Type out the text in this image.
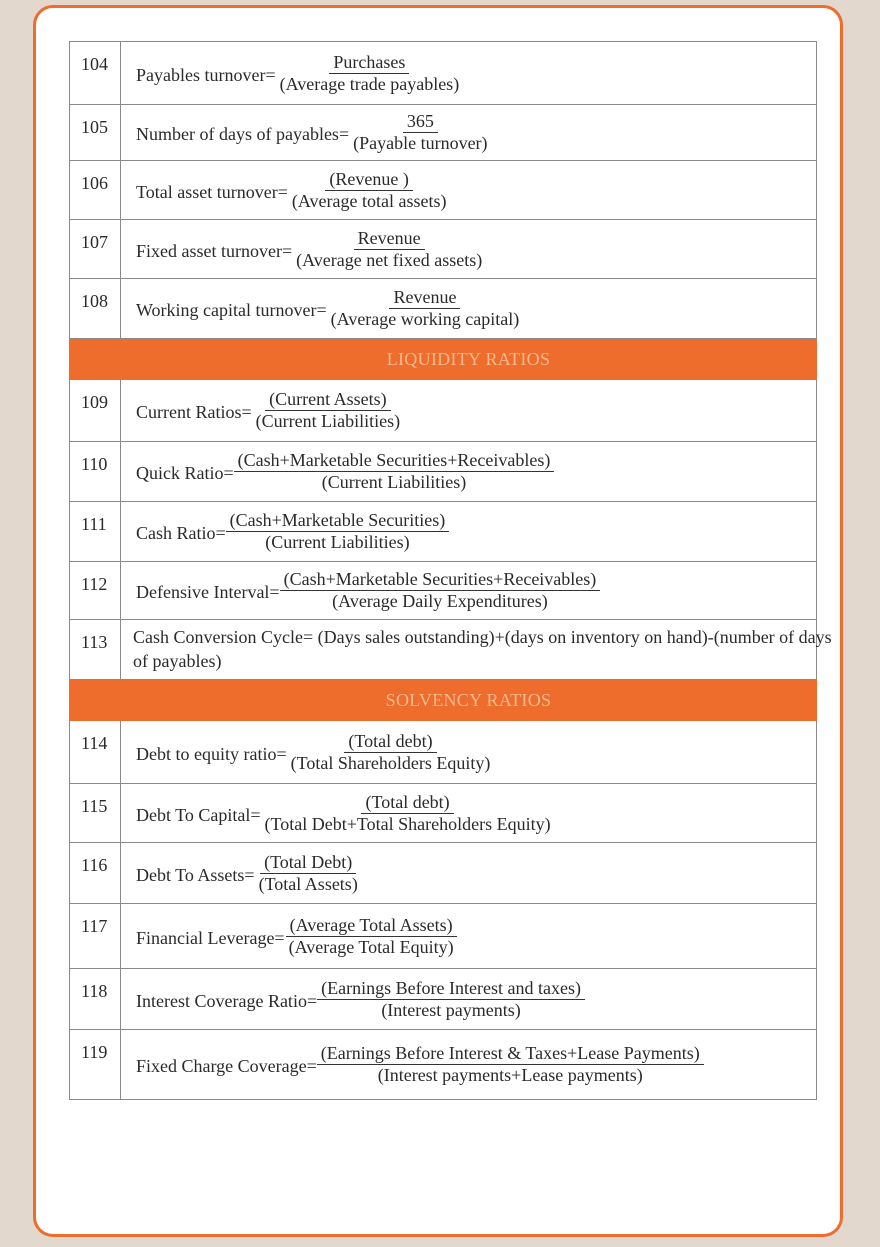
104	Payables turnover= $\frac{\text{Purchases}}{\text{(Average trade payables)}}$

105	Number of days of payables= $\frac{365}{\text{(Payable turnover)}}$

106	Total asset turnover= $\frac{\text{(Revenue )}}{\text{(Average total assets)}}$

107	Fixed asset turnover= $\frac{\text{Revenue}}{\text{(Average net fixed assets)}}$

108	Working capital turnover= $\frac{\text{Revenue}}{\text{(Average working capital)}}$

	LIQUIDITY RATIOS
109	Current Ratios= $\frac{\text{(Current Assets)}}{\text{(Current Liabilities)}}$

110	Quick Ratio= $\frac{\text{(Cash+Marketable Securities+Receivables)}}{\text{(Current Liabilities)}}$

111	Cash Ratio= $\frac{\text{(Cash+Marketable Securities)}}{\text{(Current Liabilities)}}$

112	Defensive Interval= $\frac{\text{(Cash+Marketable Securities+Receivables)}}{\text{(Average Daily Expenditures)}}$

113	Cash Conversion Cycle= (Days sales outstanding)+(days on inventory on hand)-(number of days of payables)

	SOLVENCY RATIOS
114	Debt to equity ratio= $\frac{\text{(Total debt)}}{\text{(Total Shareholders Equity)}}$

115	Debt To Capital= $\frac{\text{(Total debt)}}{\text{(Total Debt+Total Shareholders Equity)}}$

116	Debt To Assets= $\frac{\text{(Total Debt)}}{\text{(Total Assets)}}$

117	Financial Leverage= $\frac{\text{(Average Total Assets)}}{\text{(Average Total Equity)}}$

118	Interest Coverage Ratio= $\frac{\text{(Earnings Before Interest and taxes)}}{\text{(Interest payments)}}$

119	Fixed Charge Coverage= $\frac{\text{(Earnings Before Interest \& Taxes+Lease Payments)}}{\text{(Interest payments+Lease payments)}}$
